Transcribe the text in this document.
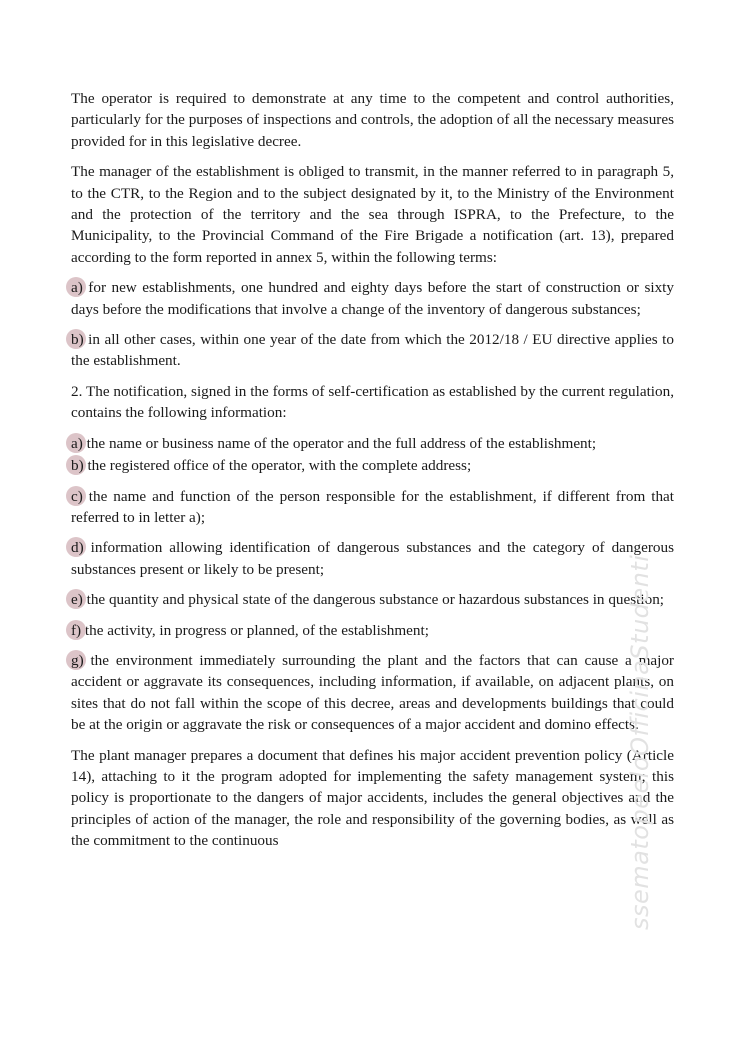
The operator is required to demonstrate at any time to the competent and control authorities, particularly for the purposes of inspections and controls, the adoption of all the necessary measures provided for in this legislative decree.

The manager of the establishment is obliged to transmit, in the manner referred to in paragraph 5, to the CTR, to the Region and to the subject designated by it, to the Ministry of the Environment and the protection of the territory and the sea through ISPRA, to the Prefecture, to the Municipality, to the Provincial Command of the Fire Brigade a notification (art. 13), prepared according to the form reported in annex 5, within the following terms:

a) for new establishments, one hundred and eighty days before the start of construction or sixty days before the modifications that involve a change of the inventory of dangerous substances;

b) in all other cases, within one year of the date from which the 2012/18 / EU directive applies to the establishment.

2. The notification, signed in the forms of self-certification as established by the current regulation, contains the following information:

a) the name or business name of the operator and the full address of the establishment;

b) the registered office of the operator, with the complete address;

c) the name and function of the person responsible for the establishment, if different from that referred to in letter a);

d) information allowing identification of dangerous substances and the category of dangerous substances present or likely to be present;

e) the quantity and physical state of the dangerous substance or hazardous substances in question;

f) the activity, in progress or planned, of the establishment;

g) the environment immediately surrounding the plant and the factors that can cause a major accident or aggravate its consequences, including information, if available, on adjacent plants, on sites that do not fall within the scope of this decree, areas and developments buildings that could be at the origin or aggravate the risk or consequences of a major accident and domino effects.

The plant manager prepares a document that defines his major accident prevention policy (Article 14), attaching to it the program adopted for implementing the safety management system; this policy is proportionate to the dangers of major accidents, includes the general objectives and the principles of action of the manager, the role and responsibility of the governing bodies, as well as the commitment to the continuous	ssematopeeloOfficinaStudenti
